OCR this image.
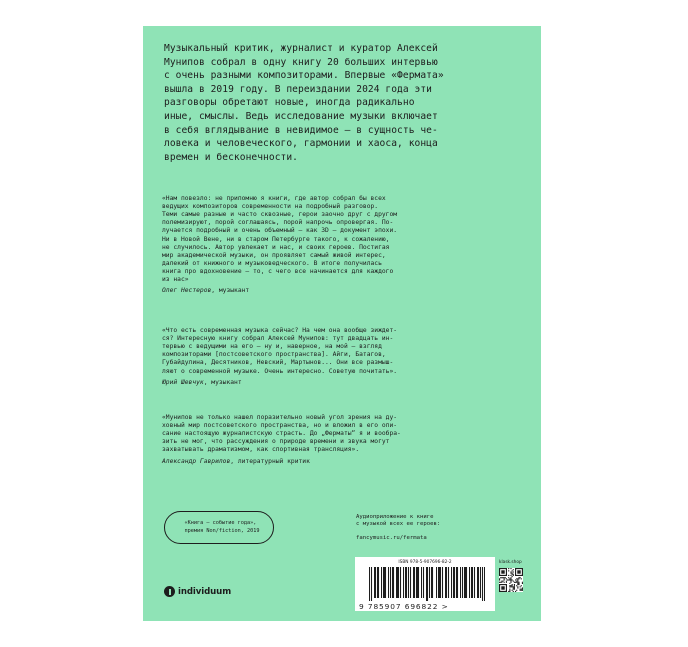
Музыкальный критик, журналист и куратор Алексей
Мунипов собрал в одну книгу 20 больших интервью
с очень разными композиторами. Впервые «Фермата»
вышла в 2019 году. В переиздании 2024 года эти
разговоры обретают новые, иногда радикально
иные, смыслы. Ведь исследование музыки включает
в себя вглядывание в невидимое — в сущность че-
ловека и человеческого, гармонии и хаоса, конца
времен и бесконечности.

«Нам повезло: не припомню я книги, где автор собрал бы всех
ведущих композиторов современности на подробный разговор.
Теми самые разные и часто сквозные, герои заочно друг с другом
полемизируют, порой соглашаясь, порой напрочь опровергая. По-
лучается подробный и очень объемный — как 3D — документ эпохи.
Ни в Новой Вене, ни в старом Петербурге такого, к сожалению,
не случилось. Автор увлекает и нас, и своих героев. Постигая
мир академической музыки, он проявляет самый живой интерес,
далекий от книжного и музыковедческого. В итоге получилась
книга про вдохновение — то, с чего все начинается для каждого
из нас»

Олег Нестеров, музыкант

«Что есть современная музыка сейчас? На чем она вообще зиждет-
ся? Интересную книгу собрал Алексей Мунипов: тут двадцать ин-
тервью с ведущими на его — ну и, наверное, на мой — взгляд
композиторами [постсоветского пространства]. Айги, Батагов,
Губайдулина, Десятников, Невский, Мартынов... Они все размыш-
ляют о современной музыке. Очень интересно. Советую почитать».

Юрий Шевчук, музыкант

«Мунипов не только нашел поразительно новый угол зрения на ду-
ховный мир постсоветского пространства, но и вложил в его опи-
сание настоящую журналистскую страсть. До „Ферматы“ я и вообра-
зить не мог, что рассуждения о природе времени и звука могут
захватывать драматизмом, как спортивная трансляция».

Александр Гаврилов, литературный критик

«Книга — событие года»,
премия Non/fiction, 2019

Аудиоприложение к книге
с музыкой всех ее героев:

fancymusic.ru/fermata
individuum
ISBN 978-5-907696-82-2
9 785907 696822 >
klask.shop
